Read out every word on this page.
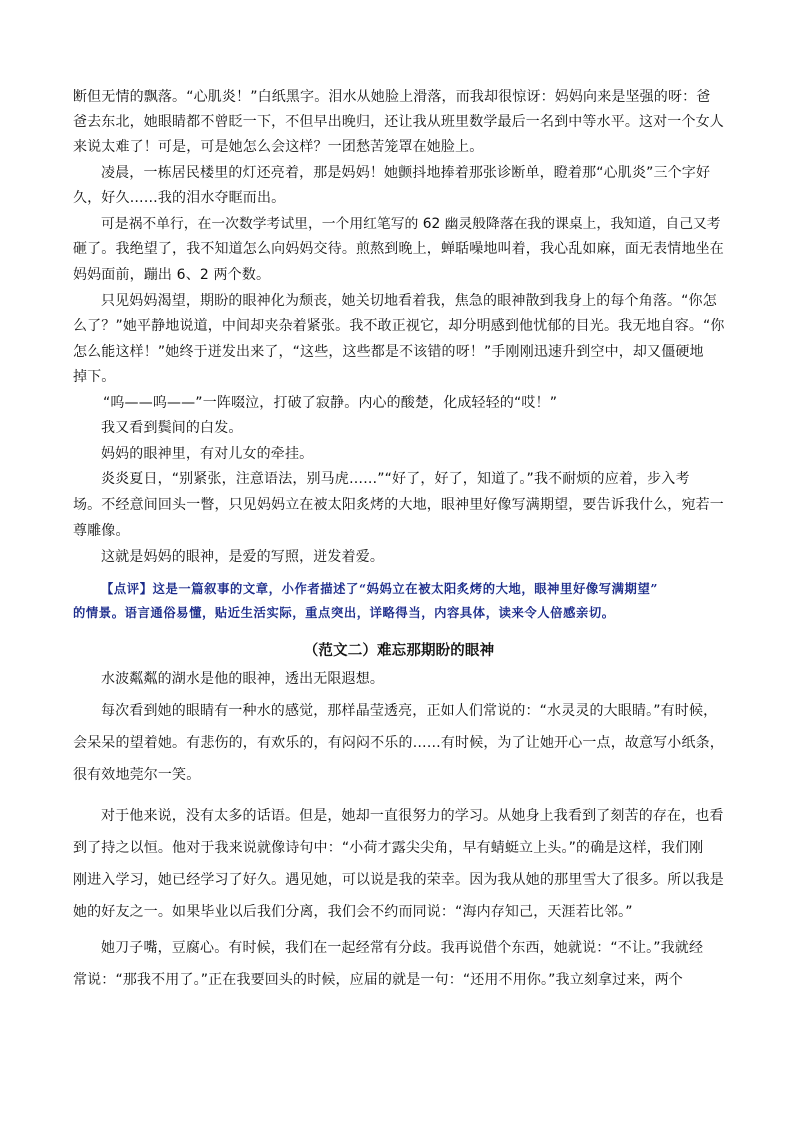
断但无情的飘落。“心肌炎！”白纸黑字。泪水从她脸上滑落，而我却很惊讶：妈妈向来是坚强的呀：爸
爸去东北，她眼睛都不曾眨一下，不但早出晚归，还让我从班里数学最后一名到中等水平。这对一个女人
来说太难了！可是，可是她怎么会这样？一团愁苦笼罩在她脸上。
凌晨，一栋居民楼里的灯还亮着，那是妈妈！她颤抖地捧着那张诊断单，瞪着那“心肌炎”三个字好
久，好久……我的泪水夺眶而出。
可是祸不单行，在一次数学考试里，一个用红笔写的 62 幽灵般降落在我的课桌上，我知道，自己又考
砸了。我绝望了，我不知道怎么向妈妈交待。煎熬到晚上，蝉聒噪地叫着，我心乱如麻，面无表情地坐在
妈妈面前，蹦出 6、2 两个数。
只见妈妈渴望，期盼的眼神化为颓丧，她关切地看着我，焦急的眼神散到我身上的每个角落。“你怎
么了？”她平静地说道，中间却夹杂着紧张。我不敢正视它，却分明感到他忧郁的目光。我无地自容。“你
怎么能这样！”她终于迸发出来了，“这些，这些都是不该错的呀！”手刚刚迅速升到空中，却又僵硬地
掉下。
“呜——呜——”一阵啜泣，打破了寂静。内心的酸楚，化成轻轻的“哎！”
我又看到鬓间的白发。
妈妈的眼神里，有对儿女的牵挂。
炎炎夏日，“别紧张，注意语法，别马虎……”“好了，好了，知道了。”我不耐烦的应着，步入考
场。不经意间回头一瞥，只见妈妈立在被太阳炙烤的大地，眼神里好像写满期望，要告诉我什么，宛若一
尊雕像。
这就是妈妈的眼神，是爱的写照，迸发着爱。
【点评】这是一篇叙事的文章，小作者描述了“妈妈立在被太阳炙烤的大地，眼神里好像写满期望”
的情景。语言通俗易懂，贴近生活实际，重点突出，详略得当，内容具体，读来令人倍感亲切。
（范文二）难忘那期盼的眼神
水波粼粼的湖水是他的眼神，透出无限遐想。
每次看到她的眼睛有一种水的感觉，那样晶莹透亮，正如人们常说的：“水灵灵的大眼睛。”有时候，
会呆呆的望着她。有悲伤的，有欢乐的，有闷闷不乐的……有时候，为了让她开心一点，故意写小纸条，
很有效地莞尔一笑。
对于他来说，没有太多的话语。但是，她却一直很努力的学习。从她身上我看到了刻苦的存在，也看
到了持之以恒。他对于我来说就像诗句中：“小荷才露尖尖角，早有蜻蜓立上头。”的确是这样，我们刚
刚进入学习，她已经学习了好久。遇见她，可以说是我的荣幸。因为我从她的那里雪大了很多。所以我是
她的好友之一。如果毕业以后我们分离，我们会不约而同说：“海内存知己，天涯若比邻。”
她刀子嘴，豆腐心。有时候，我们在一起经常有分歧。我再说借个东西，她就说：“不让。”我就经
常说：“那我不用了。”正在我要回头的时候，应届的就是一句：“还用不用你。”我立刻拿过来，两个
